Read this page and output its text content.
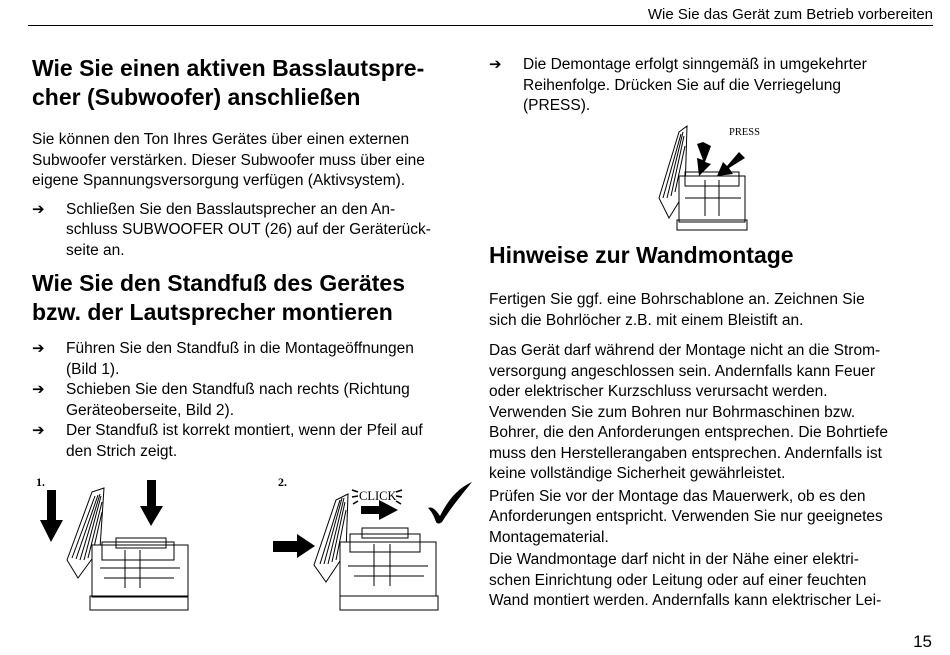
Wie Sie das Gerät zum Betrieb vorbereiten
Wie Sie einen aktiven Basslautspre-
cher (Subwoofer) anschließen

Sie können den Ton Ihres Gerätes über einen externen
Subwoofer verstärken. Dieser Subwoofer muss über eine
eigene Spannungsversorgung verfügen (Aktivsystem).

➔ Schließen Sie den Basslautsprecher an den An-
schluss SUBWOOFER OUT (26) auf der Geräterück-
seite an.
Wie Sie den Standfuß des Gerätes
bzw. der Lautsprecher montieren
➔ Führen Sie den Standfuß in die Montageöffnungen
(Bild 1).
➔ Schieben Sie den Standfuß nach rechts (Richtung
Geräteoberseite, Bild 2).
➔ Der Standfuß ist korrekt montiert, wenn der Pfeil auf
den Strich zeigt.
1.	2.
CLICK
➔ Die Demontage erfolgt sinngemäß in umgekehrter
Reihenfolge. Drücken Sie auf die Verriegelung
(PRESS).
PRESS
Hinweise zur Wandmontage

Fertigen Sie ggf. eine Bohrschablone an. Zeichnen Sie
sich die Bohrlöcher z.B. mit einem Bleistift an.

Das Gerät darf während der Montage nicht an die Strom-
versorgung angeschlossen sein. Andernfalls kann Feuer
oder elektrischer Kurzschluss verursacht werden.
Verwenden Sie zum Bohren nur Bohrmaschinen bzw.
Bohrer, die den Anforderungen entsprechen. Die Bohrtiefe
muss den Herstellerangaben entsprechen. Andernfalls ist
keine vollständige Sicherheit gewährleistet.

Prüfen Sie vor der Montage das Mauerwerk, ob es den
Anforderungen entspricht. Verwenden Sie nur geeignetes
Montagematerial.

Die Wandmontage darf nicht in der Nähe einer elektri-
schen Einrichtung oder Leitung oder auf einer feuchten
Wand montiert werden. Andernfalls kann elektrischer Lei-

15
